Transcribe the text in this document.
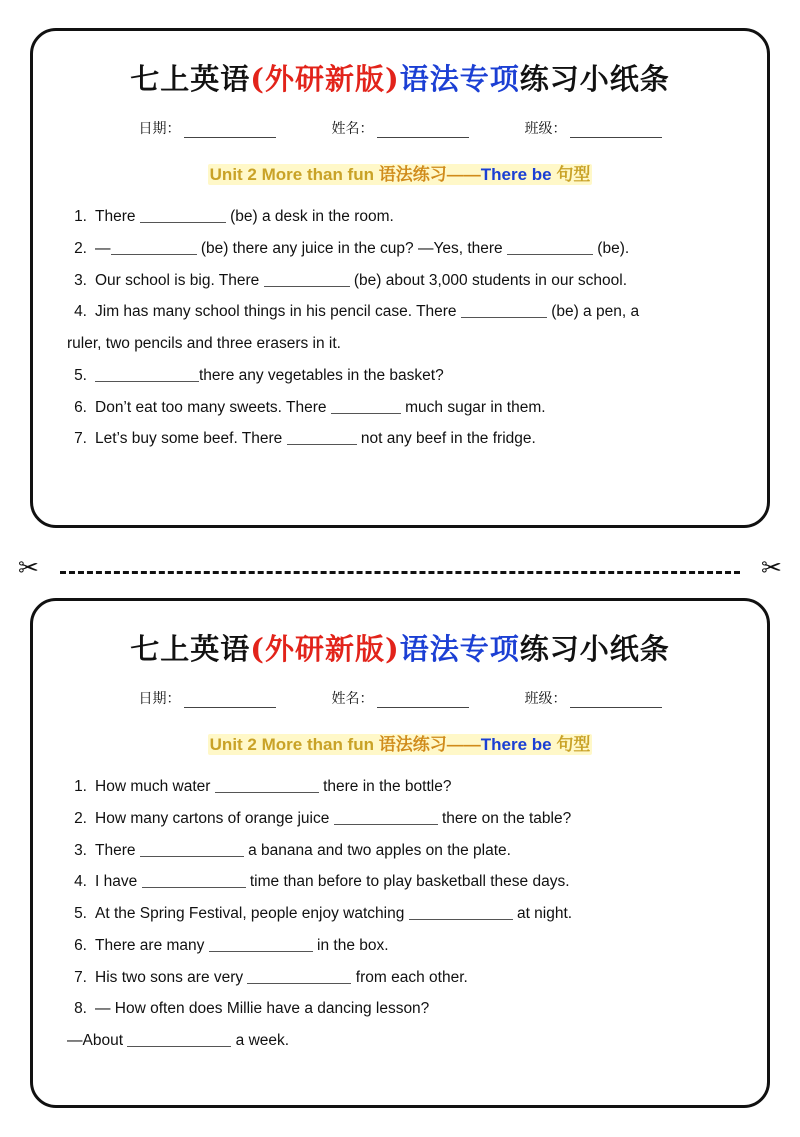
七上英语(外研新版)语法专项练习小纸条
日期：	姓名：	班级：
Unit 2 More than fun 语法练习——There be 句型
1. There	(be) a desk in the room.
2. —	(be) there any juice in the cup? —Yes, there	(be).
3. Our school is big. There	(be) about 3,000 students in our school.
4. Jim has many school things in his pencil case. There	(be) a pen, a
ruler, two pencils and three erasers in it.
5.	there any vegetables in the basket?
6. Don’t eat too many sweets. There	much sugar in them.
7. Let’s buy some beef. There	not any beef in the fridge.
✂	✂
七上英语(外研新版)语法专项练习小纸条
日期：	姓名：	班级：
Unit 2 More than fun 语法练习——There be 句型
1. How much water	there in the bottle?
2. How many cartons of orange juice	there on the table?
3. There	a banana and two apples on the plate.
4. I have	time than before to play basketball these days.
5. At the Spring Festival, people enjoy watching	at night.
6. There are many	in the box.
7. His two sons are very	from each other.
8. — How often does Millie have a dancing lesson?
—About	a week.	vv99.net
